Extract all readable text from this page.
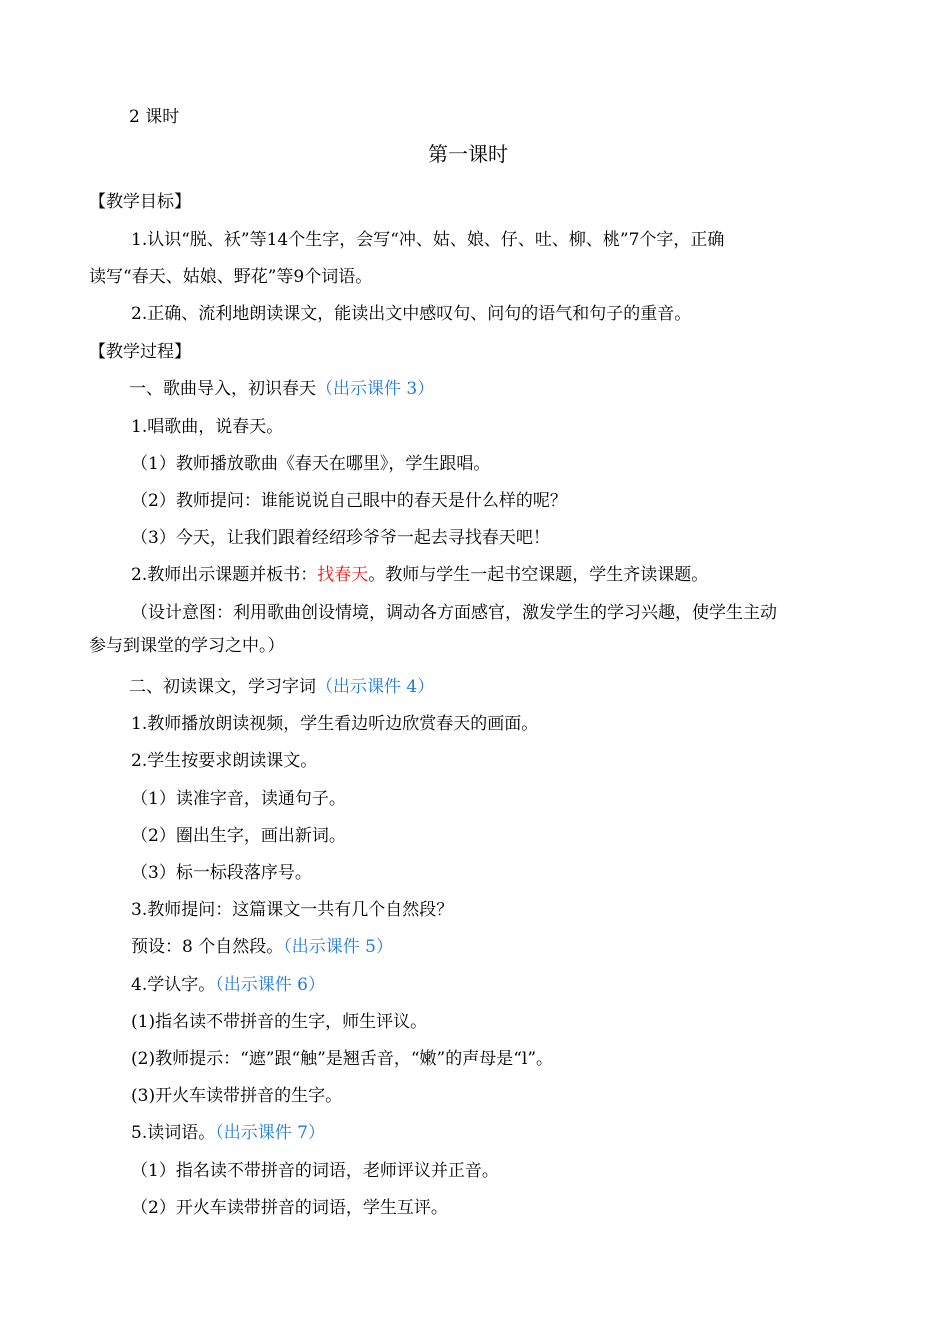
2 课时
第一课时
【教学目标】
1.认识“脱、袄”等14个生字，会写“冲、姑、娘、仔、吐、柳、桃”7个字，正确
读写“春天、姑娘、野花”等9个词语。
2.正确、流利地朗读课文，能读出文中感叹句、问句的语气和句子的重音。
【教学过程】
一、歌曲导入，初识春天（出示课件 3）
1.唱歌曲，说春天。
（1）教师播放歌曲《春天在哪里》，学生跟唱。
（2）教师提问：谁能说说自己眼中的春天是什么样的呢？
（3）今天，让我们跟着经绍珍爷爷一起去寻找春天吧！
2.教师出示课题并板书：找春天。教师与学生一起书空课题，学生齐读课题。
（设计意图：利用歌曲创设情境，调动各方面感官，激发学生的学习兴趣，使学生主动
参与到课堂的学习之中。）
二、初读课文，学习字词（出示课件 4）
1.教师播放朗读视频，学生看边听边欣赏春天的画面。
2.学生按要求朗读课文。
（1）读准字音，读通句子。
（2）圈出生字，画出新词。
（3）标一标段落序号。
3.教师提问：这篇课文一共有几个自然段？
预设：8 个自然段。（出示课件 5）
4.学认字。（出示课件 6）
(1)指名读不带拼音的生字，师生评议。
(2)教师提示：“遮”跟“触”是翘舌音，“嫩”的声母是“l”。
(3)开火车读带拼音的生字。
5.读词语。（出示课件 7）
（1）指名读不带拼音的词语，老师评议并正音。
（2）开火车读带拼音的词语，学生互评。
